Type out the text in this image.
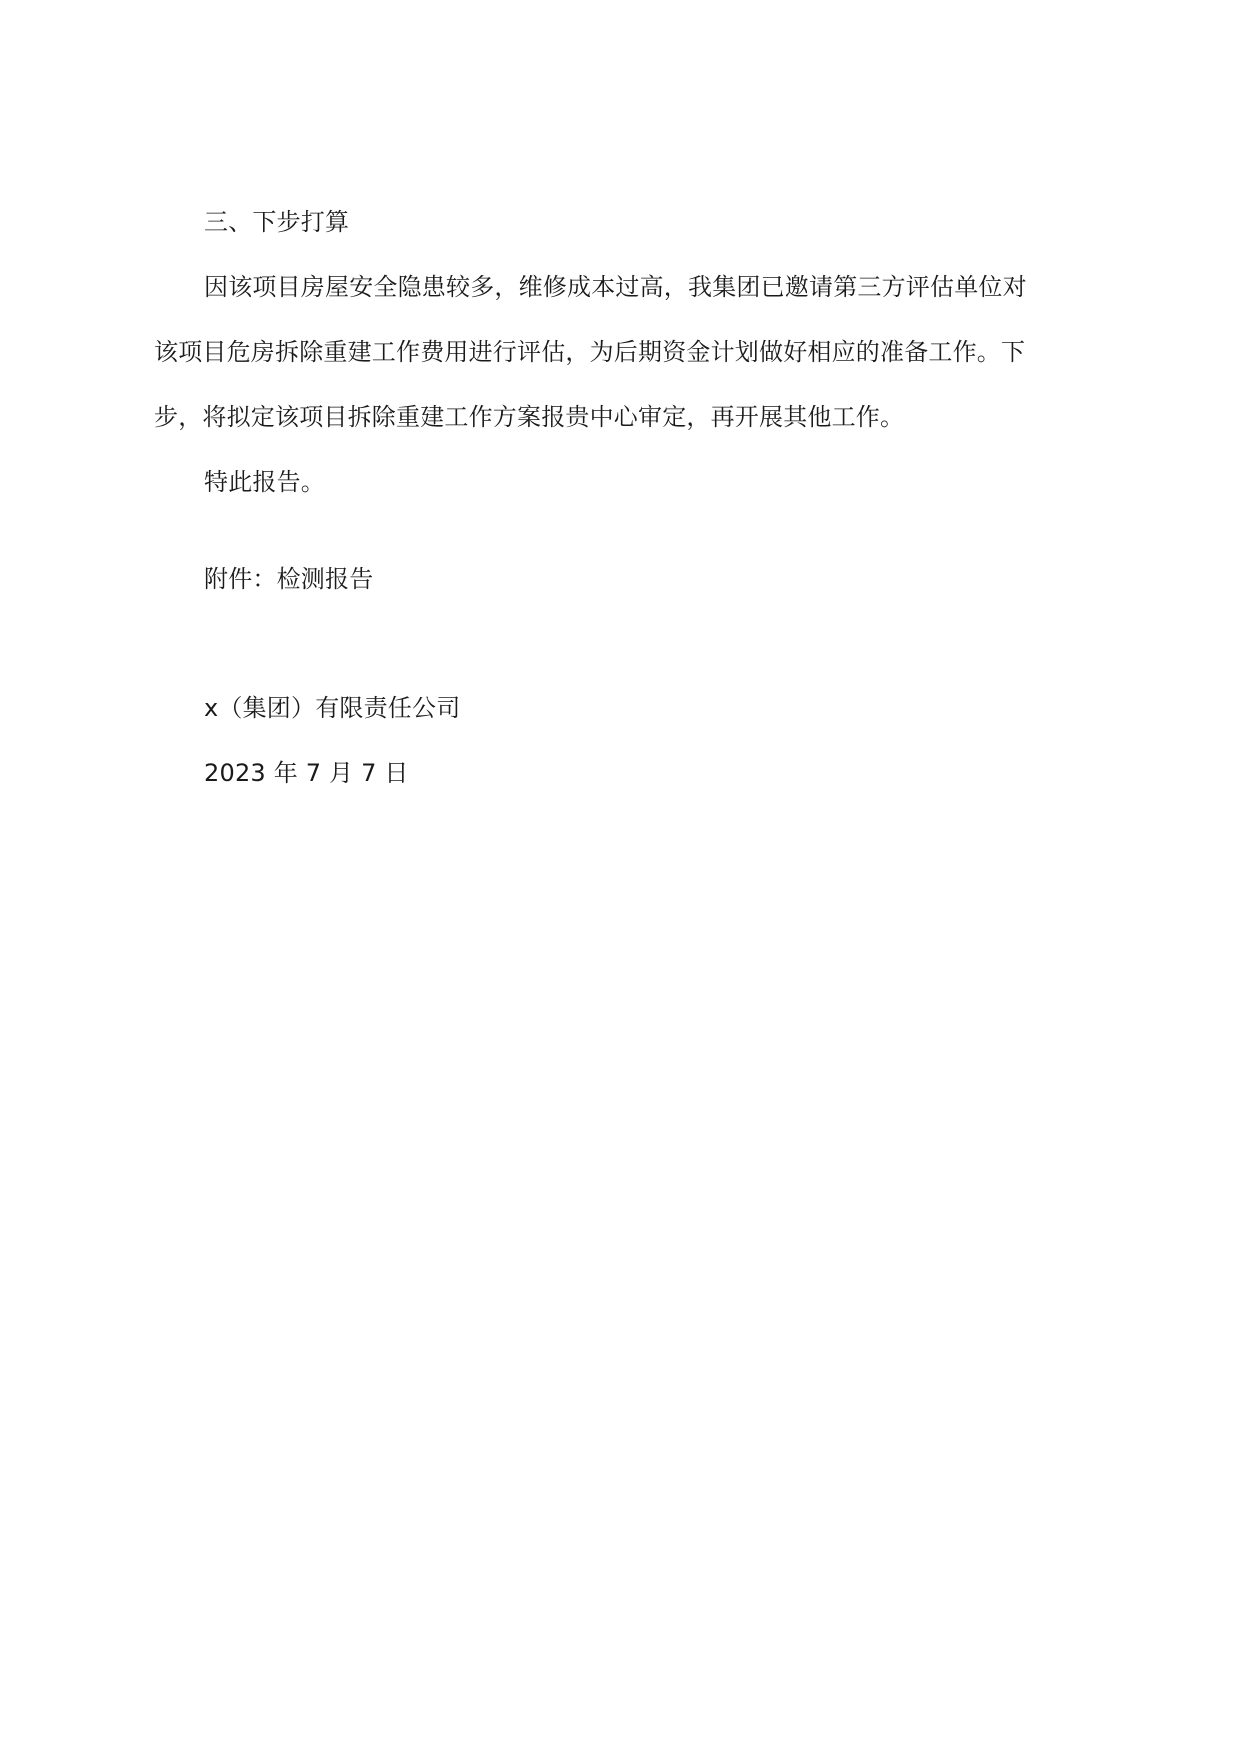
三、下步打算
因该项目房屋安全隐患较多，维修成本过高，我集团已邀请第三方评估单位对
该项目危房拆除重建工作费用进行评估，为后期资金计划做好相应的准备工作。下
步，将拟定该项目拆除重建工作方案报贵中心审定，再开展其他工作。
特此报告。
附件：检测报告
x（集团）有限责任公司
2023 年 7 月 7 日
